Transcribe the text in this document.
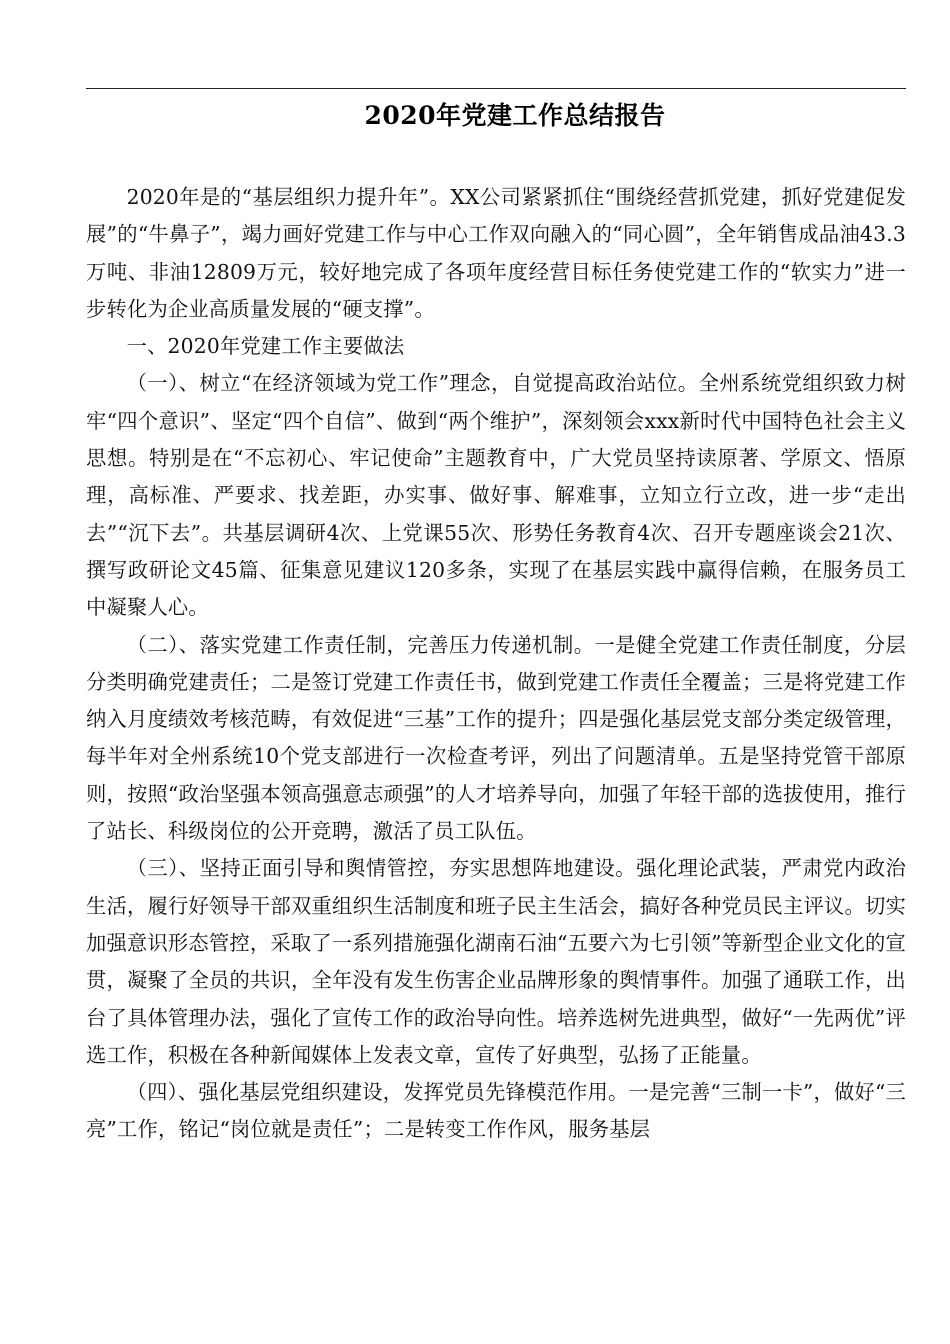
2020年党建工作总结报告

2020年是的“基层组织力提升年”。XX公司紧紧抓住“围绕经营抓党建，抓好党建促发展”的“牛鼻子”，竭力画好党建工作与中心工作双向融入的“同心圆”，全年销售成品油43.3万吨、非油12809万元，较好地完成了各项年度经营目标任务使党建工作的“软实力”进一步转化为企业高质量发展的“硬支撑”。

一、2020年党建工作主要做法

（一）、树立“在经济领域为党工作”理念，自觉提高政治站位。全州系统党组织致力树牢“四个意识”、坚定“四个自信”、做到“两个维护”，深刻领会xxx新时代中国特色社会主义思想。特别是在“不忘初心、牢记使命”主题教育中，广大党员坚持读原著、学原文、悟原理，高标准、严要求、找差距，办实事、做好事、解难事，立知立行立改，进一步“走出去”“沉下去”。共基层调研4次、上党课55次、形势任务教育4次、召开专题座谈会21次、撰写政研论文45篇、征集意见建议120多条，实现了在基层实践中赢得信赖，在服务员工中凝聚人心。

（二）、落实党建工作责任制，完善压力传递机制。一是健全党建工作责任制度，分层分类明确党建责任；二是签订党建工作责任书，做到党建工作责任全覆盖；三是将党建工作纳入月度绩效考核范畴，有效促进“三基”工作的提升；四是强化基层党支部分类定级管理，每半年对全州系统10个党支部进行一次检查考评，列出了问题清单。五是坚持党管干部原则，按照“政治坚强本领高强意志顽强”的人才培养导向，加强了年轻干部的选拔使用，推行了站长、科级岗位的公开竞聘，激活了员工队伍。

（三）、坚持正面引导和舆情管控，夯实思想阵地建设。强化理论武装，严肃党内政治生活，履行好领导干部双重组织生活制度和班子民主生活会，搞好各种党员民主评议。切实加强意识形态管控，采取了一系列措施强化湖南石油“五要六为七引领”等新型企业文化的宣贯，凝聚了全员的共识，全年没有发生伤害企业品牌形象的舆情事件。加强了通联工作，出台了具体管理办法，强化了宣传工作的政治导向性。培养选树先进典型，做好“一先两优”评选工作，积极在各种新闻媒体上发表文章，宣传了好典型，弘扬了正能量。

（四）、强化基层党组织建设，发挥党员先锋模范作用。一是完善“三制一卡”，做好“三亮”工作，铭记“岗位就是责任”；二是转变工作作风，服务基层
